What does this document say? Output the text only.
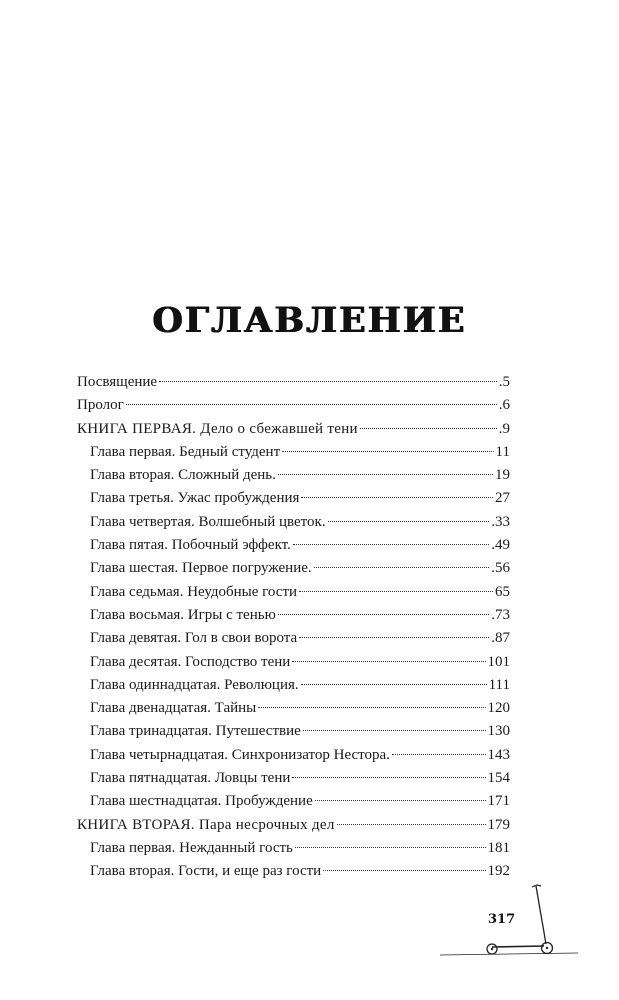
ОГЛАВЛЕНИЕ
Посвящение	.5
Пролог	.6
КНИГА ПЕРВАЯ. Дело о сбежавшей тени	.9
Глава первая. Бедный студент	11
Глава вторая. Сложный день.	19
Глава третья. Ужас пробуждения	27
Глава четвертая. Волшебный цветок.	.33
Глава пятая. Побочный эффект.	.49
Глава шестая. Первое погружение.	.56
Глава седьмая. Неудобные гости	65
Глава восьмая. Игры с тенью	.73
Глава девятая. Гол в свои ворота	.87
Глава десятая. Господство тени	101
Глава одиннадцатая. Революция.	111
Глава двенадцатая. Тайны	120
Глава тринадцатая. Путешествие	130
Глава четырнадцатая. Синхронизатор Нестора.	143
Глава пятнадцатая. Ловцы тени	154
Глава шестнадцатая. Пробуждение	171
КНИГА ВТОРАЯ. Пара несрочных дел	179
Глава первая. Нежданный гость	181
Глава вторая. Гости, и еще раз гости	192
317
